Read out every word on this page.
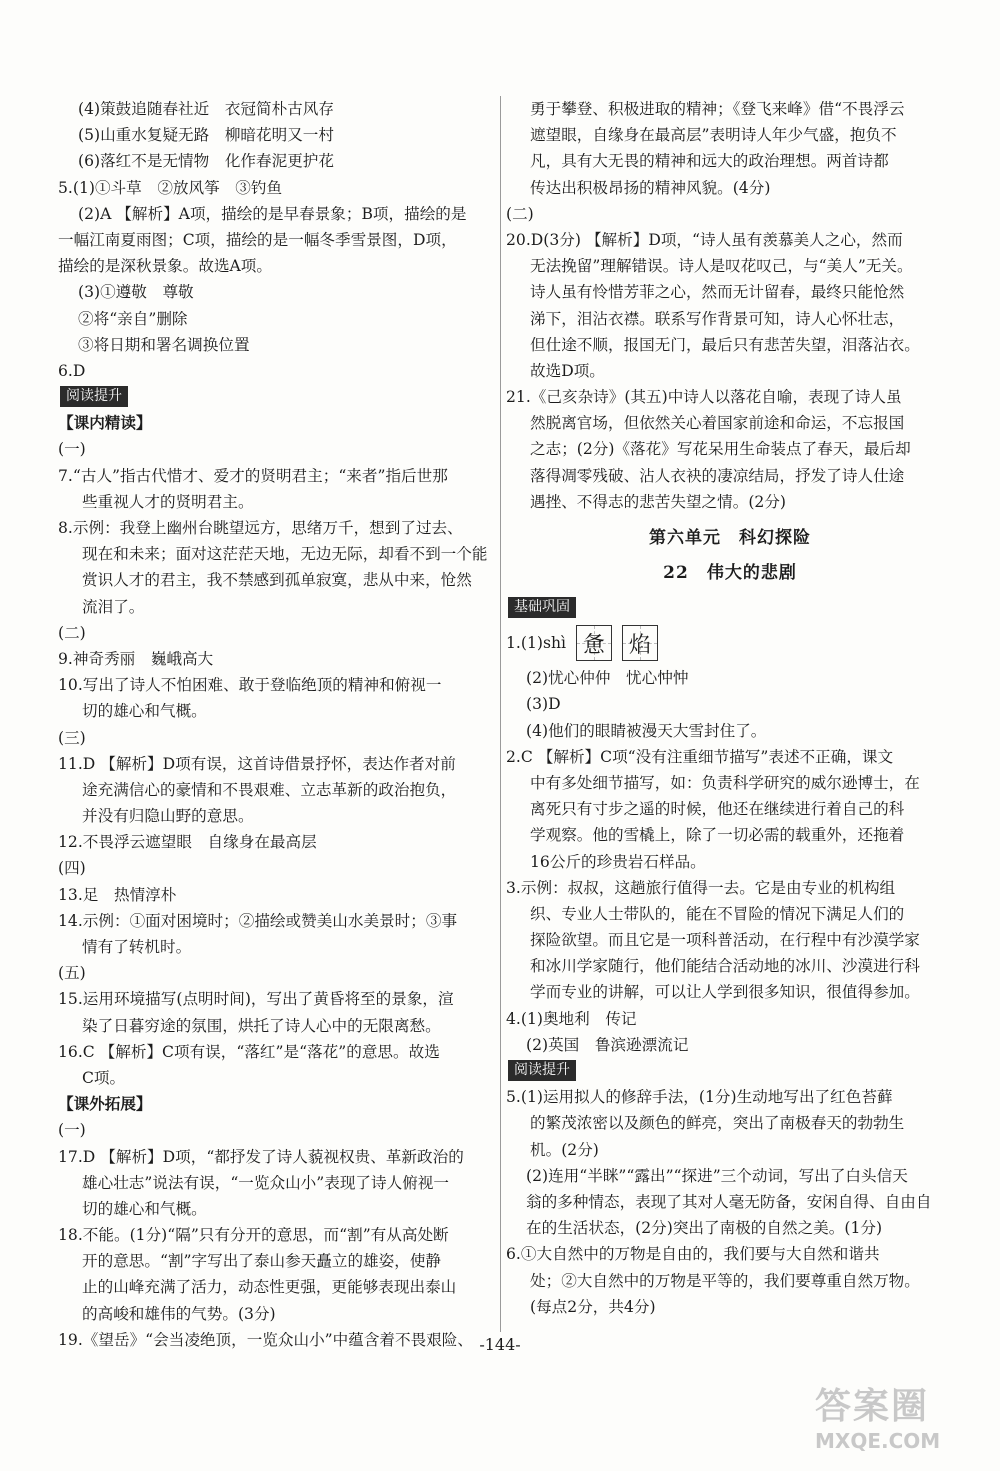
(4)策鼓追随春社近　衣冠简朴古风存
(5)山重水复疑无路　柳暗花明又一村
(6)落红不是无情物　化作春泥更护花
5.(1)①斗草　②放风筝　③钓鱼
(2)A 【解析】A项，描绘的是早春景象；B项，描绘的是
一幅江南夏雨图；C项，描绘的是一幅冬季雪景图，D项，
描绘的是深秋景象。故选A项。
(3)①遵敬　尊敬
②将“亲自”删除
③将日期和署名调换位置
6.D
阅读提升
【课内精读】
(一)
7.“古人”指古代惜才、爱才的贤明君主；“来者”指后世那
些重视人才的贤明君主。
8.示例：我登上幽州台眺望远方，思绪万千，想到了过去、
现在和未来；面对这茫茫天地，无边无际，却看不到一个能
赏识人才的君主，我不禁感到孤单寂寞，悲从中来，怆然
流泪了。
(二)
9.神奇秀丽　巍峨高大
10.写出了诗人不怕困难、敢于登临绝顶的精神和俯视一
切的雄心和气概。
(三)
11.D 【解析】D项有误，这首诗借景抒怀，表达作者对前
途充满信心的豪情和不畏艰难、立志革新的政治抱负，
并没有归隐山野的意思。
12.不畏浮云遮望眼　自缘身在最高层
(四)
13.足　热情淳朴
14.示例：①面对困境时；②描绘或赞美山水美景时；③事
情有了转机时。
(五)
15.运用环境描写(点明时间)，写出了黄昏将至的景象，渲
染了日暮穷途的氛围，烘托了诗人心中的无限离愁。
16.C 【解析】C项有误，“落红”是“落花”的意思。故选
C项。
【课外拓展】
(一)
17.D 【解析】D项，“都抒发了诗人藐视权贵、革新政治的
雄心壮志”说法有误，“一览众山小”表现了诗人俯视一
切的雄心和气概。
18.不能。(1分)“隔”只有分开的意思，而“割”有从高处断
开的意思。“割”字写出了泰山参天矗立的雄姿，使静
止的山峰充满了活力，动态性更强，更能够表现出泰山
的高峻和雄伟的气势。(3分)
19.《望岳》“会当凌绝顶，一览众山小”中蕴含着不畏艰险、
勇于攀登、积极进取的精神；《登飞来峰》借“不畏浮云
遮望眼，自缘身在最高层”表明诗人年少气盛，抱负不
凡，具有大无畏的精神和远大的政治理想。两首诗都
传达出积极昂扬的精神风貌。(4分)
(二)
20.D(3分) 【解析】D项，“诗人虽有羡慕美人之心，然而
无法挽留”理解错误。诗人是叹花叹己，与“美人”无关。
诗人虽有怜惜芳菲之心，然而无计留春，最终只能怆然
涕下，泪沾衣襟。联系写作背景可知，诗人心怀壮志，
但仕途不顺，报国无门，最后只有悲苦失望，泪落沾衣。
故选D项。
21.《己亥杂诗》(其五)中诗人以落花自喻，表现了诗人虽
然脱离官场，但依然关心着国家前途和命运，不忘报国
之志；(2分)《落花》写花呆用生命装点了春天，最后却
落得凋零残破、沾人衣袂的凄凉结局，抒发了诗人仕途
遇挫、不得志的悲苦失望之情。(2分)
第六单元　科幻探险
22　伟大的悲剧
基础巩固
1.(1)shì 惫 焰
(2)忧心仲仲　忧心忡忡
(3)D
(4)他们的眼睛被漫天大雪封住了。
2.C 【解析】C项“没有注重细节描写”表述不正确，课文
中有多处细节描写，如：负责科学研究的威尔逊博士，在
离死只有寸步之遥的时候，他还在继续进行着自己的科
学观察。他的雪橇上，除了一切必需的载重外，还拖着
16公斤的珍贵岩石样品。
3.示例：叔叔，这趟旅行值得一去。它是由专业的机构组
织、专业人士带队的，能在不冒险的情况下满足人们的
探险欲望。而且它是一项科普活动，在行程中有沙漠学家
和冰川学家随行，他们能结合活动地的冰川、沙漠进行科
学而专业的讲解，可以让人学到很多知识，很值得参加。
4.(1)奥地利　传记
(2)英国　鲁滨逊漂流记
阅读提升
5.(1)运用拟人的修辞手法，(1分)生动地写出了红色苔藓
的繁茂浓密以及颜色的鲜亮，突出了南极春天的勃勃生
机。(2分)
(2)连用“半眯”“露出”“探进”三个动词，写出了白头信天
翁的多种情态，表现了其对人毫无防备，安闲自得、自由自
在的生活状态，(2分)突出了南极的自然之美。(1分)
6.①大自然中的万物是自由的，我们要与大自然和谐共
处；②大自然中的万物是平等的，我们要尊重自然万物。
(每点2分，共4分)
-144-
答案圈
MXQE.COM
